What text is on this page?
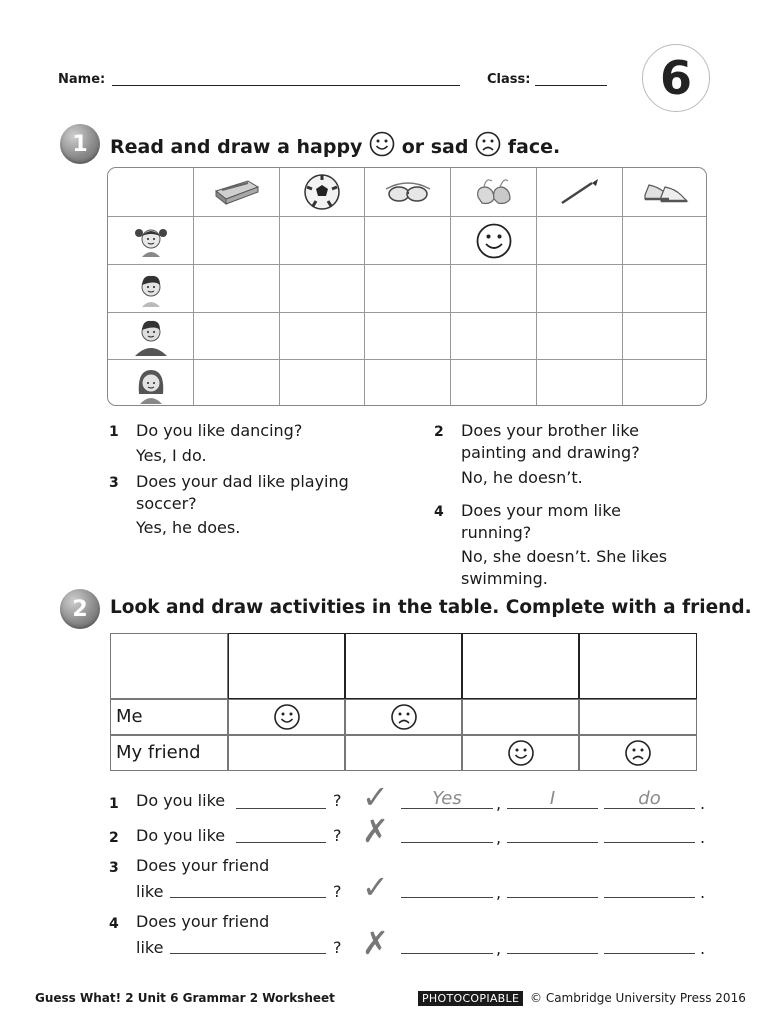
Name:	Class:	6
1	Read and draw a happy or sad face.
1 Do you like dancing?
Yes, I do.
3 Does your dad like playing
soccer?
Yes, he does.
2 Does your brother like
painting and drawing?
No, he doesn’t.
4 Does your mom like
running?
No, she doesn’t. She likes
swimming.
2	Look and draw activities in the table. Complete with a friend.
Me
My friend
1 Do you like	? ✓	Yes	,	I	do	.
2 Do you like	? ✗	,	.
3 Does your friend
like	? ✓	,	.
4 Does your friend
like	? ✗	,	.
Guess What! 2 Unit 6 Grammar 2 Worksheet	PHOTOCOPIABLE © Cambridge University Press 2016
